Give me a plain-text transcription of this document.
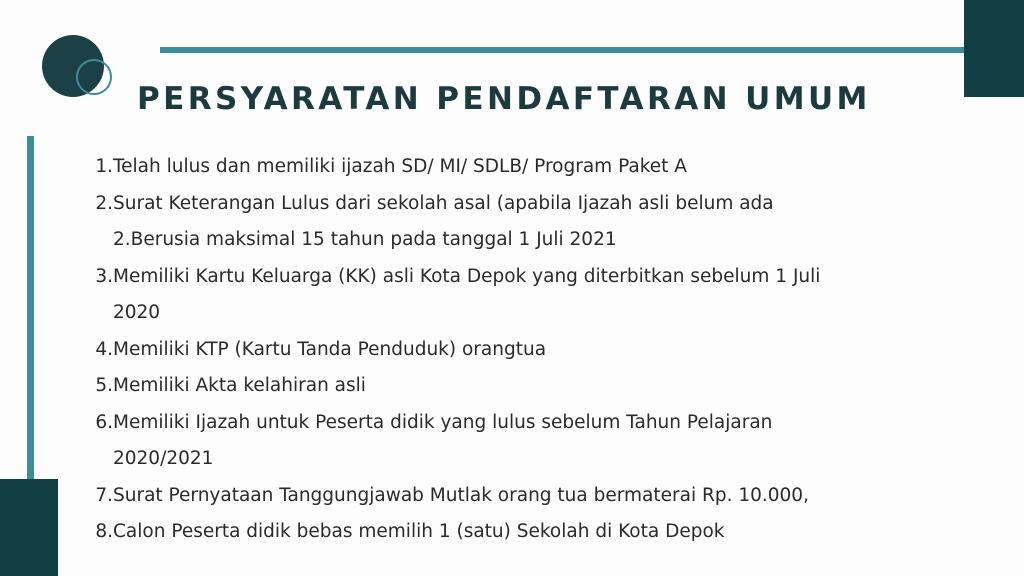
PERSYARATAN PENDAFTARAN UMUM
1. Telah lulus dan memiliki ijazah SD/ MI/ SDLB/ Program Paket A
2. Surat Keterangan Lulus dari sekolah asal (apabila Ijazah asli belum ada
2.Berusia maksimal 15 tahun pada tanggal 1 Juli 2021
3. Memiliki Kartu Keluarga (KK) asli Kota Depok yang diterbitkan sebelum 1 Juli
2020
4. Memiliki KTP (Kartu Tanda Penduduk) orangtua
5. Memiliki Akta kelahiran asli
6. Memiliki Ijazah untuk Peserta didik yang lulus sebelum Tahun Pelajaran
2020/2021
7. Surat Pernyataan Tanggungjawab Mutlak orang tua bermaterai Rp. 10.000,
8. Calon Peserta didik bebas memilih 1 (satu) Sekolah di Kota Depok
